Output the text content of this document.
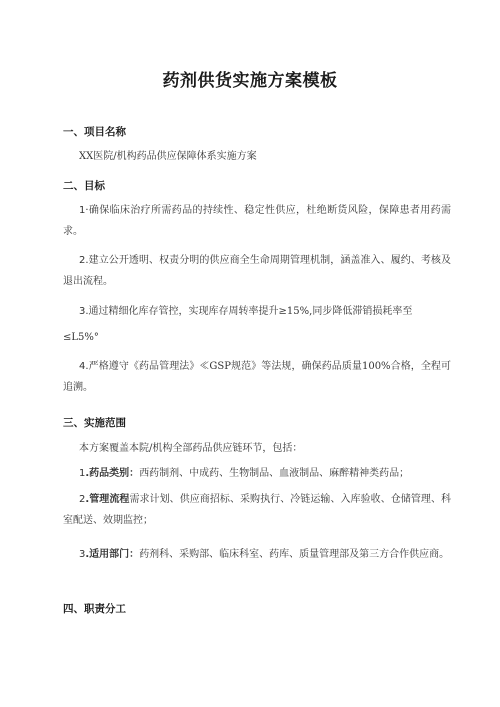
药剂供货实施方案模板
一、项目名称
XX医院/机构药品供应保障体系实施方案
二、目标
1·确保临床治疗所需药品的持续性、稳定性供应，杜绝断货风险，保障患者用药需求。
2.建立公开透明、权责分明的供应商全生命周期管理机制，涵盖准入、履约、考核及退出流程。
3.通过精细化库存管控，实现库存周转率提升≥15%,同步降低滞销损耗率至
≤L5%°
4.严格遵守《药品管理法》≪GSP规范》等法规，确保药品质量100%合格，全程可追溯。
三、实施范围
本方案覆盖本院/机构全部药品供应链环节，包括：
1.药品类别：西药制剂、中成药、生物制品、血液制品、麻醉精神类药品；
2.管理流程需求计划、供应商招标、采购执行、冷链运输、入库验收、仓储管理、科室配送、效期监控；
3.适用部门：药剂科、采购部、临床科室、药库、质量管理部及第三方合作供应商。
四、职责分工
